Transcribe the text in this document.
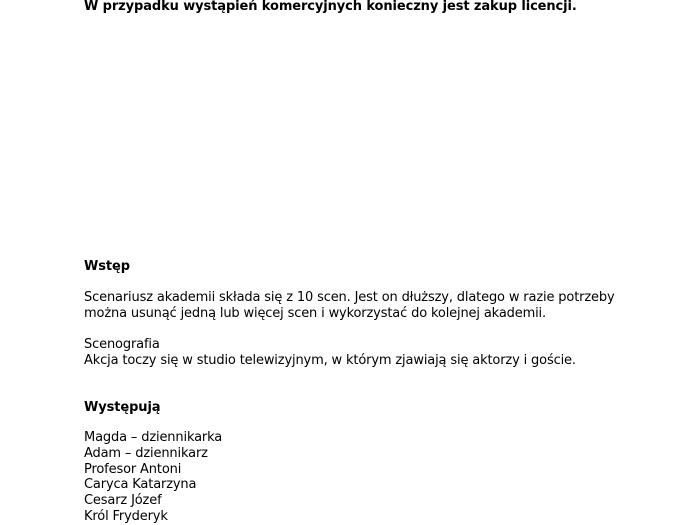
W przypadku wystąpień komercyjnych konieczny jest zakup licencji.
Wstęp
Scenariusz akademii składa się z 10 scen. Jest on dłuższy, dlatego w razie potrzeby
można usunąć jedną lub więcej scen i wykorzystać do kolejnej akademii.
Scenografia
Akcja toczy się w studio telewizyjnym, w którym zjawiają się aktorzy i goście.
Występują
Magda – dziennikarka
Adam – dziennikarz
Profesor Antoni
Caryca Katarzyna
Cesarz Józef
Król Fryderyk
